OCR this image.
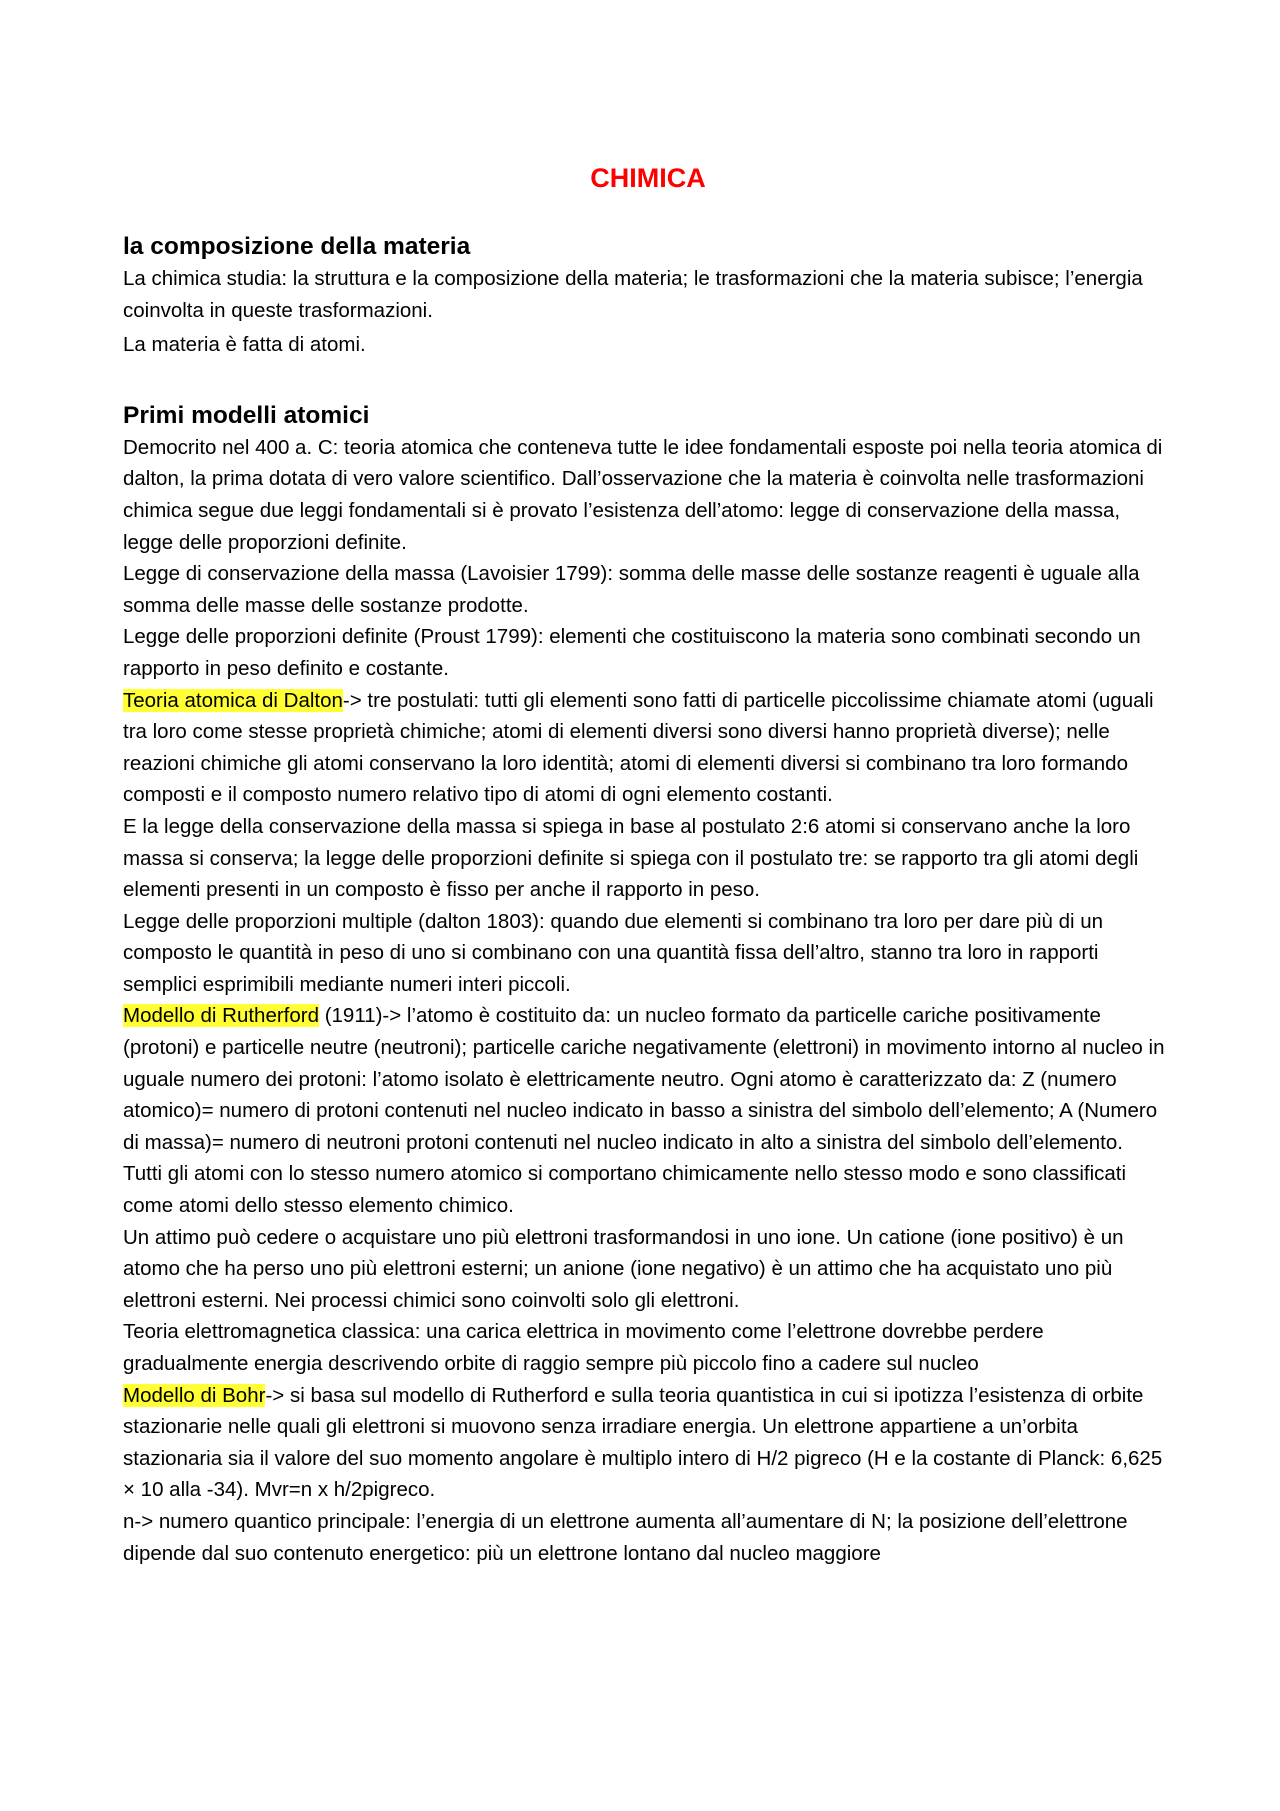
CHIMICA
la composizione della materia

La chimica studia: la struttura e la composizione della materia; le trasformazioni che la materia subisce; l’energia coinvolta in queste trasformazioni.

La materia è fatta di atomi.

Primi modelli atomici

Democrito nel 400 a. C: teoria atomica che conteneva tutte le idee fondamentali esposte poi nella teoria atomica di dalton, la prima dotata di vero valore scientifico. Dall’osservazione che la materia è coinvolta nelle trasformazioni chimica segue due leggi fondamentali si è provato l’esistenza dell’atomo: legge di conservazione della massa, legge delle proporzioni definite.

Legge di conservazione della massa (Lavoisier 1799): somma delle masse delle sostanze reagenti è uguale alla somma delle masse delle sostanze prodotte.

Legge delle proporzioni definite (Proust 1799): elementi che costituiscono la materia sono combinati secondo un rapporto in peso definito e costante.

Teoria atomica di Dalton-> tre postulati: tutti gli elementi sono fatti di particelle piccolissime chiamate atomi (uguali tra loro come stesse proprietà chimiche; atomi di elementi diversi sono diversi hanno proprietà diverse); nelle reazioni chimiche gli atomi conservano la loro identità; atomi di elementi diversi si combinano tra loro formando composti e il composto numero relativo tipo di atomi di ogni elemento costanti.

E la legge della conservazione della massa si spiega in base al postulato 2:6 atomi si conservano anche la loro massa si conserva; la legge delle proporzioni definite si spiega con il postulato tre: se rapporto tra gli atomi degli elementi presenti in un composto è fisso per anche il rapporto in peso.

Legge delle proporzioni multiple (dalton 1803): quando due elementi si combinano tra loro per dare più di un composto le quantità in peso di uno si combinano con una quantità fissa dell’altro, stanno tra loro in rapporti semplici esprimibili mediante numeri interi piccoli.

Modello di Rutherford (1911)-> l’atomo è costituito da: un nucleo formato da particelle cariche positivamente (protoni) e particelle neutre (neutroni); particelle cariche negativamente (elettroni) in movimento intorno al nucleo in uguale numero dei protoni: l’atomo isolato è elettricamente neutro. Ogni atomo è caratterizzato da: Z (numero atomico)= numero di protoni contenuti nel nucleo indicato in basso a sinistra del simbolo dell’elemento; A (Numero di massa)= numero di neutroni protoni contenuti nel nucleo indicato in alto a sinistra del simbolo dell’elemento.

Tutti gli atomi con lo stesso numero atomico si comportano chimicamente nello stesso modo e sono classificati come atomi dello stesso elemento chimico.

Un attimo può cedere o acquistare uno più elettroni trasformandosi in uno ione. Un catione (ione positivo) è un atomo che ha perso uno più elettroni esterni; un anione (ione negativo) è un attimo che ha acquistato uno più elettroni esterni. Nei processi chimici sono coinvolti solo gli elettroni.

Teoria elettromagnetica classica: una carica elettrica in movimento come l’elettrone dovrebbe perdere gradualmente energia descrivendo orbite di raggio sempre più piccolo fino a cadere sul nucleo

Modello di Bohr-> si basa sul modello di Rutherford e sulla teoria quantistica in cui si ipotizza l’esistenza di orbite stazionarie nelle quali gli elettroni si muovono senza irradiare energia. Un elettrone appartiene a un’orbita stazionaria sia il valore del suo momento angolare è multiplo intero di H/2 pigreco (H e la costante di Planck: 6,625 × 10 alla -34). Mvr=n x h/2pigreco.

n-> numero quantico principale: l’energia di un elettrone aumenta all’aumentare di N; la posizione dell’elettrone dipende dal suo contenuto energetico: più un elettrone lontano dal nucleo maggiore
